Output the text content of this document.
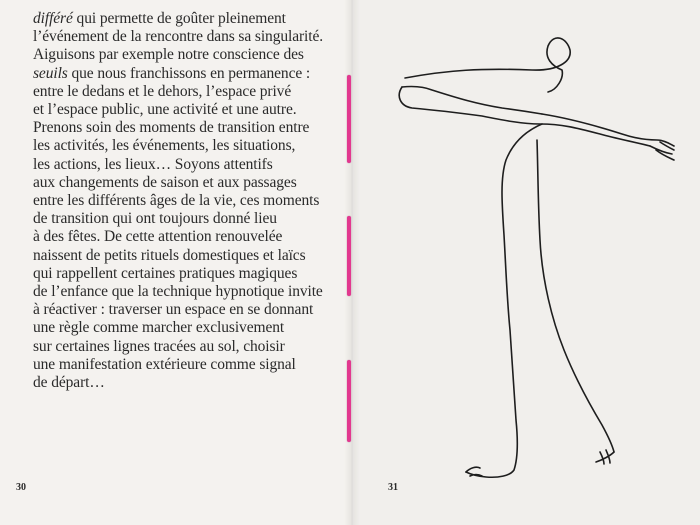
différé qui permette de goûter pleinement
l’événement de la rencontre dans sa singularité.
Aiguisons par exemple notre conscience des
seuils que nous franchissons en permanence :
entre le dedans et le dehors, l’espace privé
et l’espace public, une activité et une autre.
Prenons soin des moments de transition entre
les activités, les événements, les situations,
les actions, les lieux… Soyons attentifs
aux changements de saison et aux passages
entre les différents âges de la vie, ces moments
de transition qui ont toujours donné lieu
à des fêtes. De cette attention renouvelée
naissent de petits rituels domestiques et laïcs
qui rappellent certaines pratiques magiques
de l’enfance que la technique hypnotique invite
à réactiver : traverser un espace en se donnant
une règle comme marcher exclusivement
sur certaines lignes tracées au sol, choisir
une manifestation extérieure comme signal
de départ…
30	31
